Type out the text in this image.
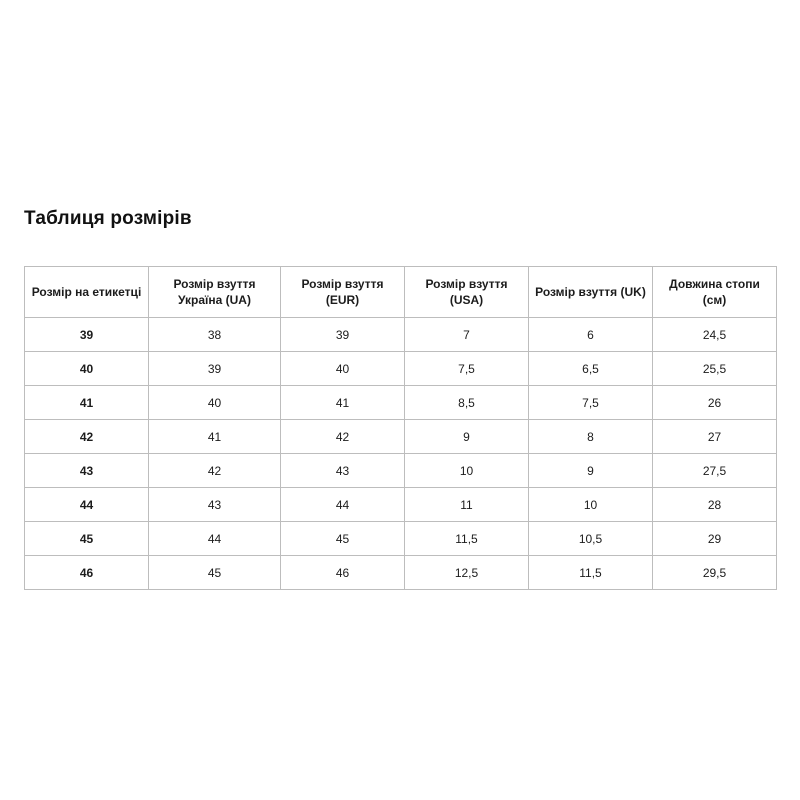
Таблиця розмірів
Розмір на етикетці	Розмір взуття Україна (UA)	Розмір взуття (EUR)	Розмір взуття (USA)	Розмір взуття (UK)	Довжина стопи (см)
39	38	39	7	6	24,5
40	39	40	7,5	6,5	25,5
41	40	41	8,5	7,5	26
42	41	42	9	8	27
43	42	43	10	9	27,5
44	43	44	11	10	28
45	44	45	11,5	10,5	29
46	45	46	12,5	11,5	29,5
